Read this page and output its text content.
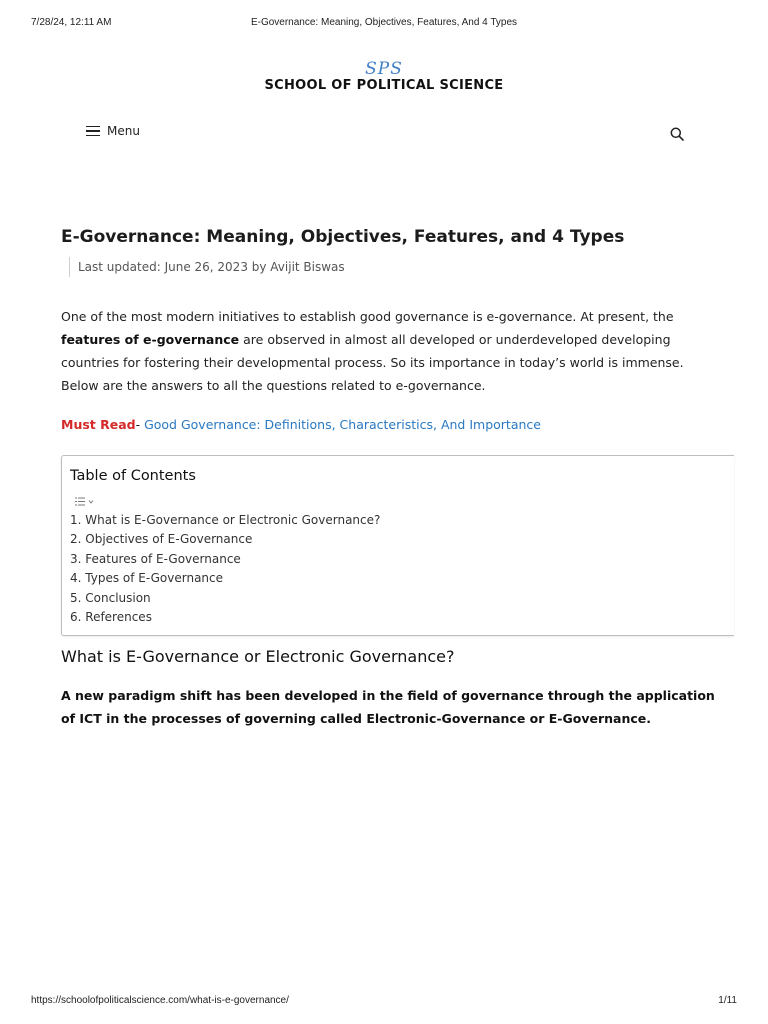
7/28/24, 12:11 AM	E-Governance: Meaning, Objectives, Features, And 4 Types
SPS
SCHOOL OF POLITICAL SCIENCE
Menu
E-Governance: Meaning, Objectives, Features, and 4 Types
Last updated: June 26, 2023 by Avijit Biswas

One of the most modern initiatives to establish good governance is e-governance. At present, the features of e-governance are observed in almost all developed or underdeveloped developing countries for fostering their developmental process. So its importance in today’s world is immense. Below are the answers to all the questions related to e-governance.

Must Read- Good Governance: Definitions, Characteristics, And Importance
Table of Contents
1. What is E-Governance or Electronic Governance?
2. Objectives of E-Governance
3. Features of E-Governance
4. Types of E-Governance
5. Conclusion
6. References
What is E-Governance or Electronic Governance?

A new paradigm shift has been developed in the field of governance through the application of ICT in the processes of governing called Electronic-Governance or E-Governance.

https://schoolofpoliticalscience.com/what-is-e-governance/	1/11
